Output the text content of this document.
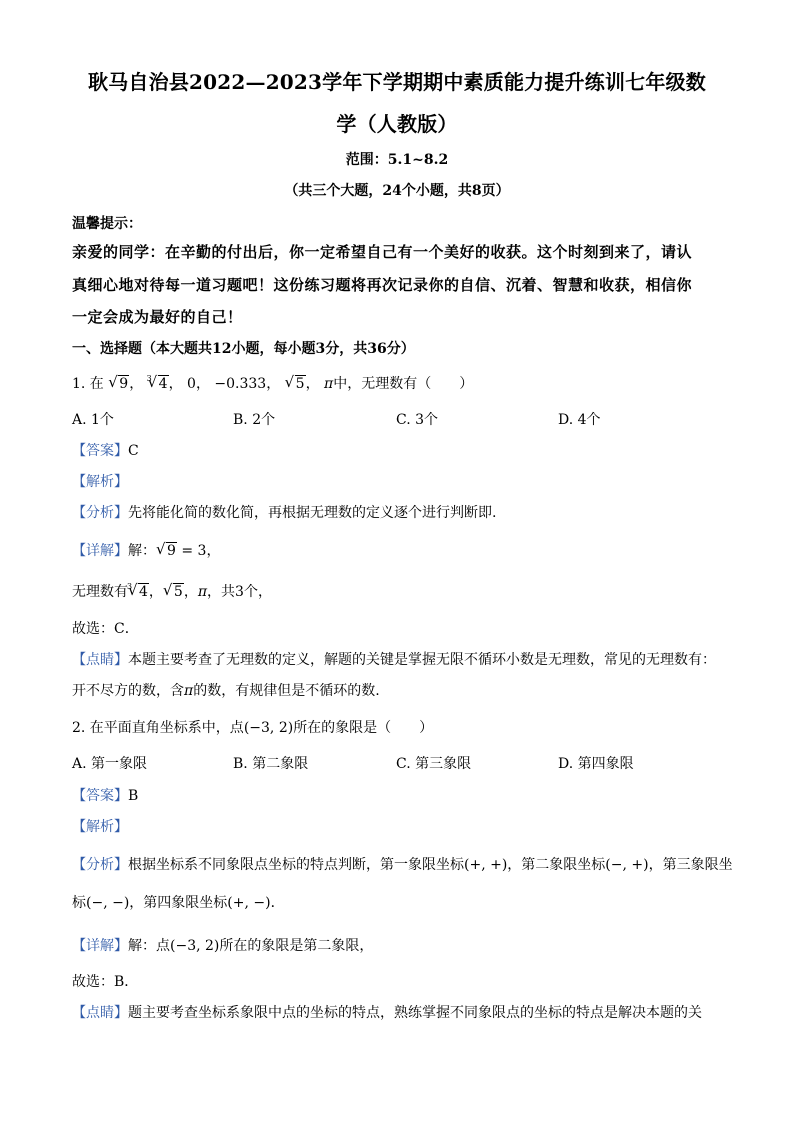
耿马自治县2022—2023学年下学期期中素质能力提升练训七年级数
学（人教版）
范围：5.1~8.2
（共三个大题，24个小题，共8页）
温馨提示：
亲爱的同学：在辛勤的付出后，你一定希望自己有一个美好的收获。这个时刻到来了，请认
真细心地对待每一道习题吧！这份练习题将再次记录你的自信、沉着、智慧和收获，相信你
一定会成为最好的自己！
一、选择题（本大题共12小题，每小题3分，共36分）
1. 在 √ 9， 3 √ 4， 0， −0.333， √ 5， π中，无理数有（　　）
A. 1个	B. 2个	C. 3个	D. 4个
【答案】C
【解析】
【分析】先将能化简的数化简，再根据无理数的定义逐个进行判断即.
【详解】解： √ 9 = 3，
无理数有 3 √ 4， √ 5，π，共3个，
故选：C．
【点睛】本题主要考查了无理数的定义，解题的关键是掌握无限不循环小数是无理数，常见的无理数有：
开不尽方的数，含π的数，有规律但是不循环的数.
2. 在平面直角坐标系中，点(−3, 2)所在的象限是（　　）
A. 第一象限	B. 第二象限	C. 第三象限	D. 第四象限
【答案】B
【解析】
【分析】根据坐标系不同象限点坐标的特点判断，第一象限坐标(+, +)，第二象限坐标(−, +)，第三象限坐
标(−, −)，第四象限坐标(+, −)．
【详解】解：点(−3, 2)所在的象限是第二象限，
故选：B．
【点睛】题主要考查坐标系象限中点的坐标的特点，熟练掌握不同象限点的坐标的特点是解决本题的关
